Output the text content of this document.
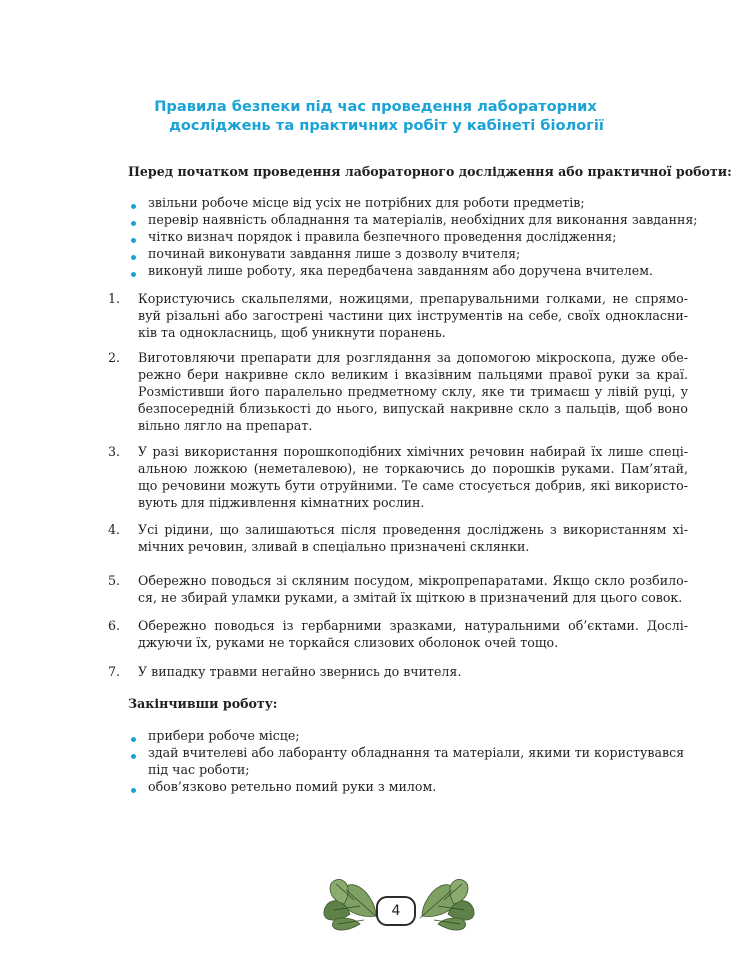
Правила безпеки під час проведення лабораторних
досліджень та практичних робіт у кабінеті біології
Перед початком проведення лабораторного дослідження або практичної роботи:
звільни робоче місце від усіх не потрібних для роботи предметів;
перевір наявність обладнання та матеріалів, необхідних для виконання завдання;
чітко визнач порядок і правила безпечного проведення дослідження;
починай виконувати завдання лише з дозволу вчителя;
виконуй лише роботу, яка передбачена завданням або доручена вчителем.
1. Користуючись скальпелями, ножицями, препарувальними голками, не спрямо-
вуй різальні або загострені частини цих інструментів на себе, своїх однокласни-
ків та однокласниць, щоб уникнути поранень.
2. Виготовляючи препарати для розглядання за допомогою мікроскопа, дуже обе-
режно бери накривне скло великим і вказівним пальцями правої руки за краї.
Розмістивши його паралельно предметному склу, яке ти тримаєш у лівій руці, у
безпосередній близькості до нього, випускай накривне скло з пальців, щоб воно
вільно лягло на препарат.
3. У разі використання порошкоподібних хімічних речовин набирай їх лише спеці-
альною ложкою (неметалевою), не торкаючись до порошків руками. Пам’ятай,
що речовини можуть бути отруйними. Те саме стосується добрив, які використо-
вують для підживлення кімнатних рослин.
4. Усі рідини, що залишаються після проведення досліджень з використанням хі-
мічних речовин, зливай в спеціально призначені склянки.
5. Обережно поводься зі скляним посудом, мікропрепаратами. Якщо скло розбило-
ся, не збирай уламки руками, а змітай їх щіткою в призначений для цього совок.
6. Обережно поводься із гербарними зразками, натуральними об’єктами. Дослі-
джуючи їх, руками не торкайся слизових оболонок очей тощо.
7. У випадку травми негайно звернись до вчителя.
Закінчивши роботу:
прибери робоче місце;
здай вчителеві або лаборанту обладнання та матеріали, якими ти користувався
під час роботи;
обов’язково ретельно помий руки з милом.
4
